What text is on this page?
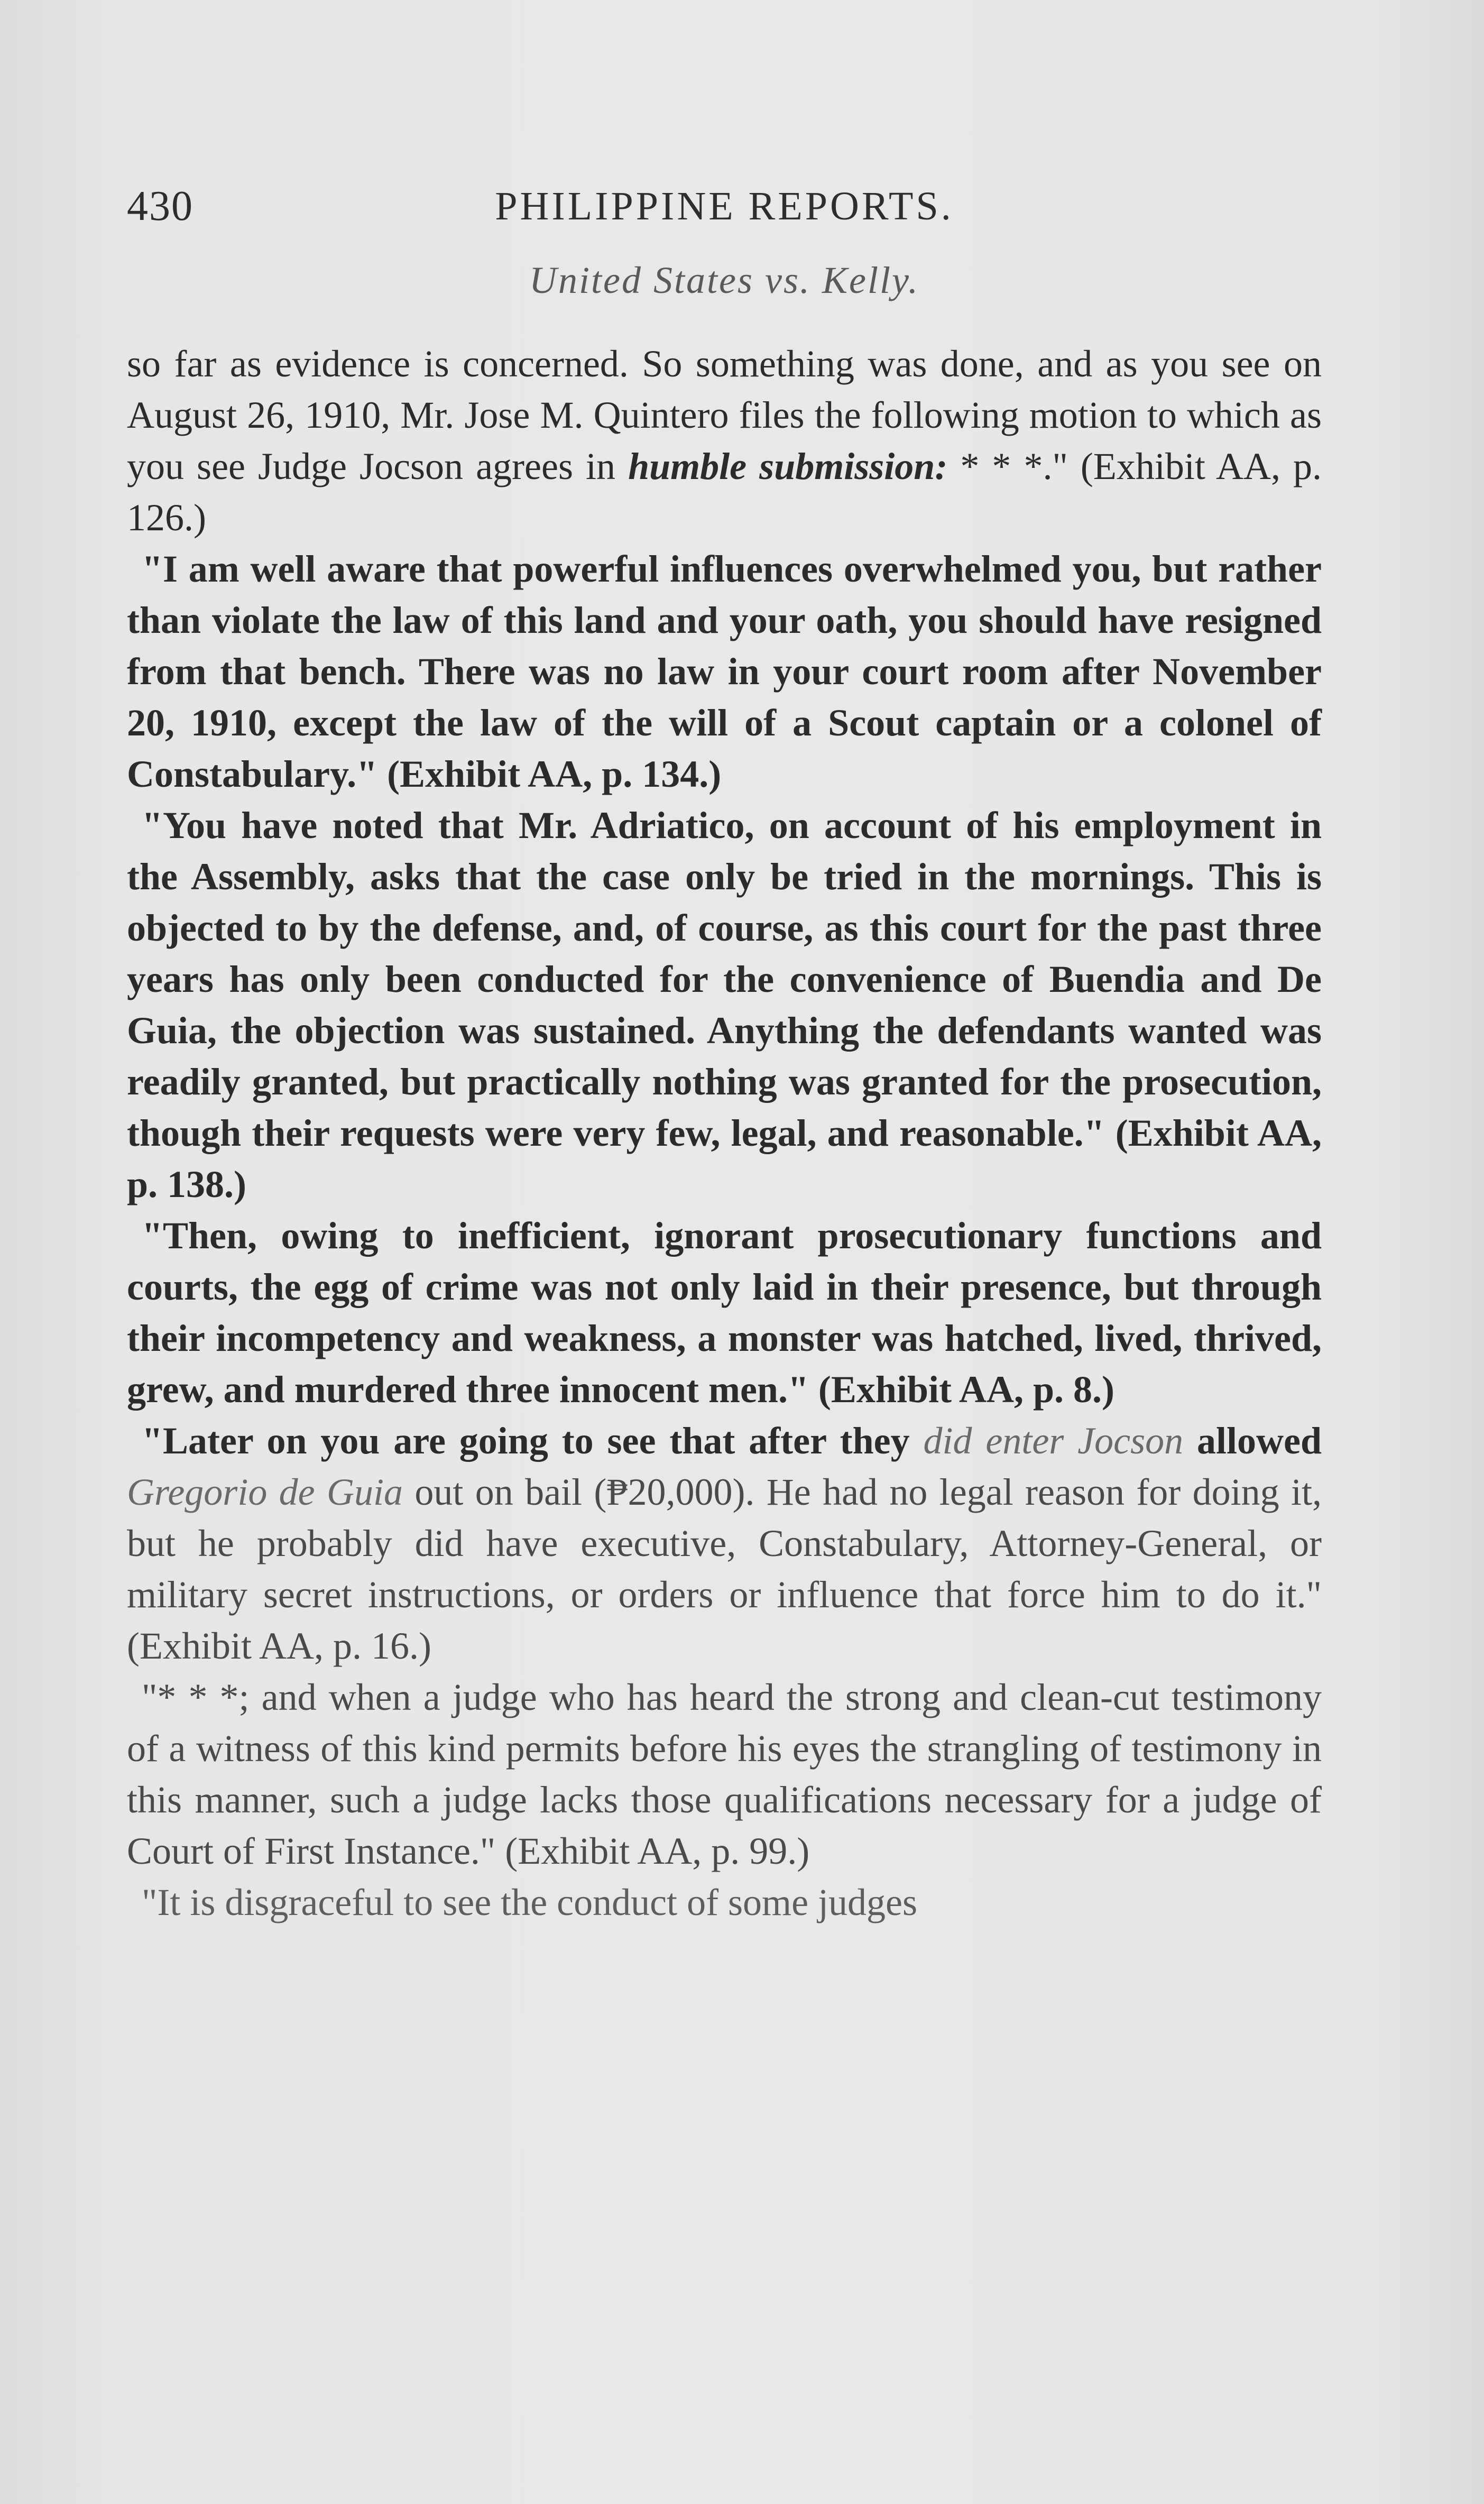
430	PHILIPPINE REPORTS.
United States vs. Kelly.

so far as evidence is concerned. So something was done, and as you see on August 26, 1910, Mr. Jose M. Quintero files the following motion to which as you see Judge Jocson agrees in humble submission: * * *." (Exhibit AA, p. 126.)

"I am well aware that powerful influences overwhelmed you, but rather than violate the law of this land and your oath, you should have resigned from that bench. There was no law in your court room after November 20, 1910, except the law of the will of a Scout captain or a colonel of Constabulary." (Exhibit AA, p. 134.)

"You have noted that Mr. Adriatico, on account of his employment in the Assembly, asks that the case only be tried in the mornings. This is objected to by the defense, and, of course, as this court for the past three years has only been conducted for the convenience of Buendia and De Guia, the objection was sustained. Anything the defendants wanted was readily granted, but practically nothing was granted for the prosecution, though their requests were very few, legal, and reasonable." (Exhibit AA, p. 138.)

"Then, owing to inefficient, ignorant prosecutionary functions and courts, the egg of crime was not only laid in their presence, but through their incompetency and weakness, a monster was hatched, lived, thrived, grew, and murdered three innocent men." (Exhibit AA, p. 8.)

"Later on you are going to see that after they did enter Jocson allowed Gregorio de Guia out on bail (₱20,000). He had no legal reason for doing it, but he probably did have executive, Constabulary, Attorney-General, or military secret instructions, or orders or influence that force him to do it." (Exhibit AA, p. 16.)

"* * *; and when a judge who has heard the strong and clean-cut testimony of a witness of this kind permits before his eyes the strangling of testimony in this manner, such a judge lacks those qualifications necessary for a judge of Court of First Instance." (Exhibit AA, p. 99.)

"It is disgraceful to see the conduct of some judges
